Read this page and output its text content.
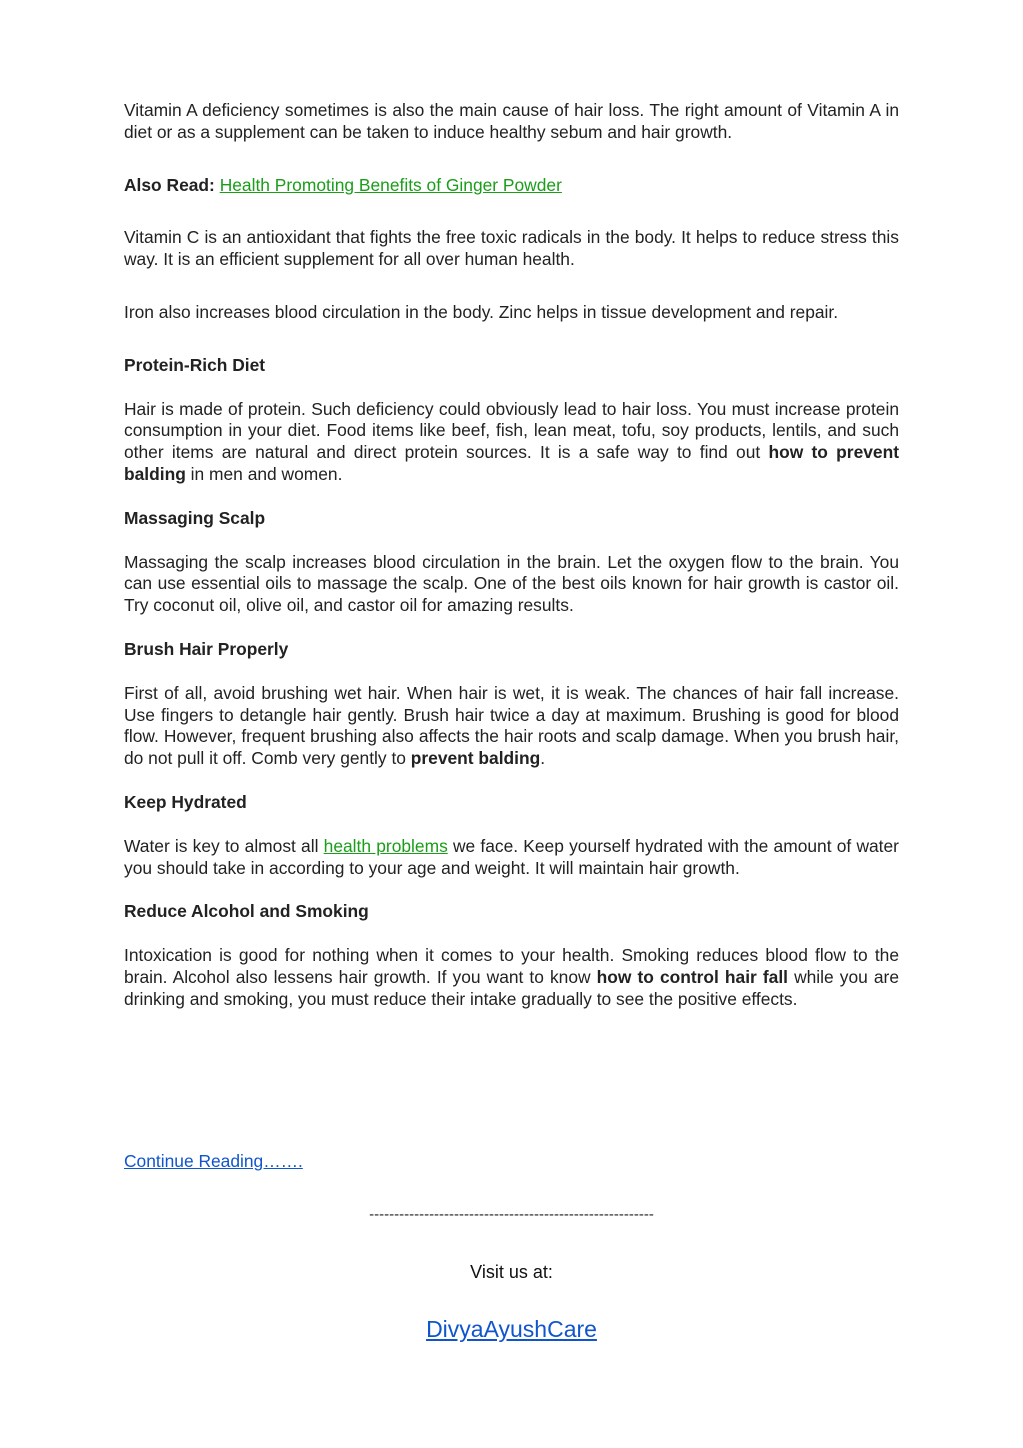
Vitamin A deficiency sometimes is also the main cause of hair loss. The right amount of Vitamin A in diet or as a supplement can be taken to induce healthy sebum and hair growth.

Also Read: Health Promoting Benefits of Ginger Powder

Vitamin C is an antioxidant that fights the free toxic radicals in the body. It helps to reduce stress this way. It is an efficient supplement for all over human health.

Iron also increases blood circulation in the body. Zinc helps in tissue development and repair.

Protein-Rich Diet

Hair is made of protein. Such deficiency could obviously lead to hair loss. You must increase protein consumption in your diet. Food items like beef, fish, lean meat, tofu, soy products, lentils, and such other items are natural and direct protein sources. It is a safe way to find out how to prevent balding in men and women.

Massaging Scalp

Massaging the scalp increases blood circulation in the brain. Let the oxygen flow to the brain. You can use essential oils to massage the scalp. One of the best oils known for hair growth is castor oil. Try coconut oil, olive oil, and castor oil for amazing results.

Brush Hair Properly

First of all, avoid brushing wet hair. When hair is wet, it is weak. The chances of hair fall increase. Use fingers to detangle hair gently. Brush hair twice a day at maximum. Brushing is good for blood flow. However, frequent brushing also affects the hair roots and scalp damage. When you brush hair, do not pull it off. Comb very gently to prevent balding.

Keep Hydrated

Water is key to almost all health problems we face. Keep yourself hydrated with the amount of water you should take in according to your age and weight. It will maintain hair growth.

Reduce Alcohol and Smoking

Intoxication is good for nothing when it comes to your health. Smoking reduces blood flow to the brain. Alcohol also lessens hair growth. If you want to know how to control hair fall while you are drinking and smoking, you must reduce their intake gradually to see the positive effects.

Continue Reading…….
---------------------------------------------------------
Visit us at:
DivyaAyushCare
